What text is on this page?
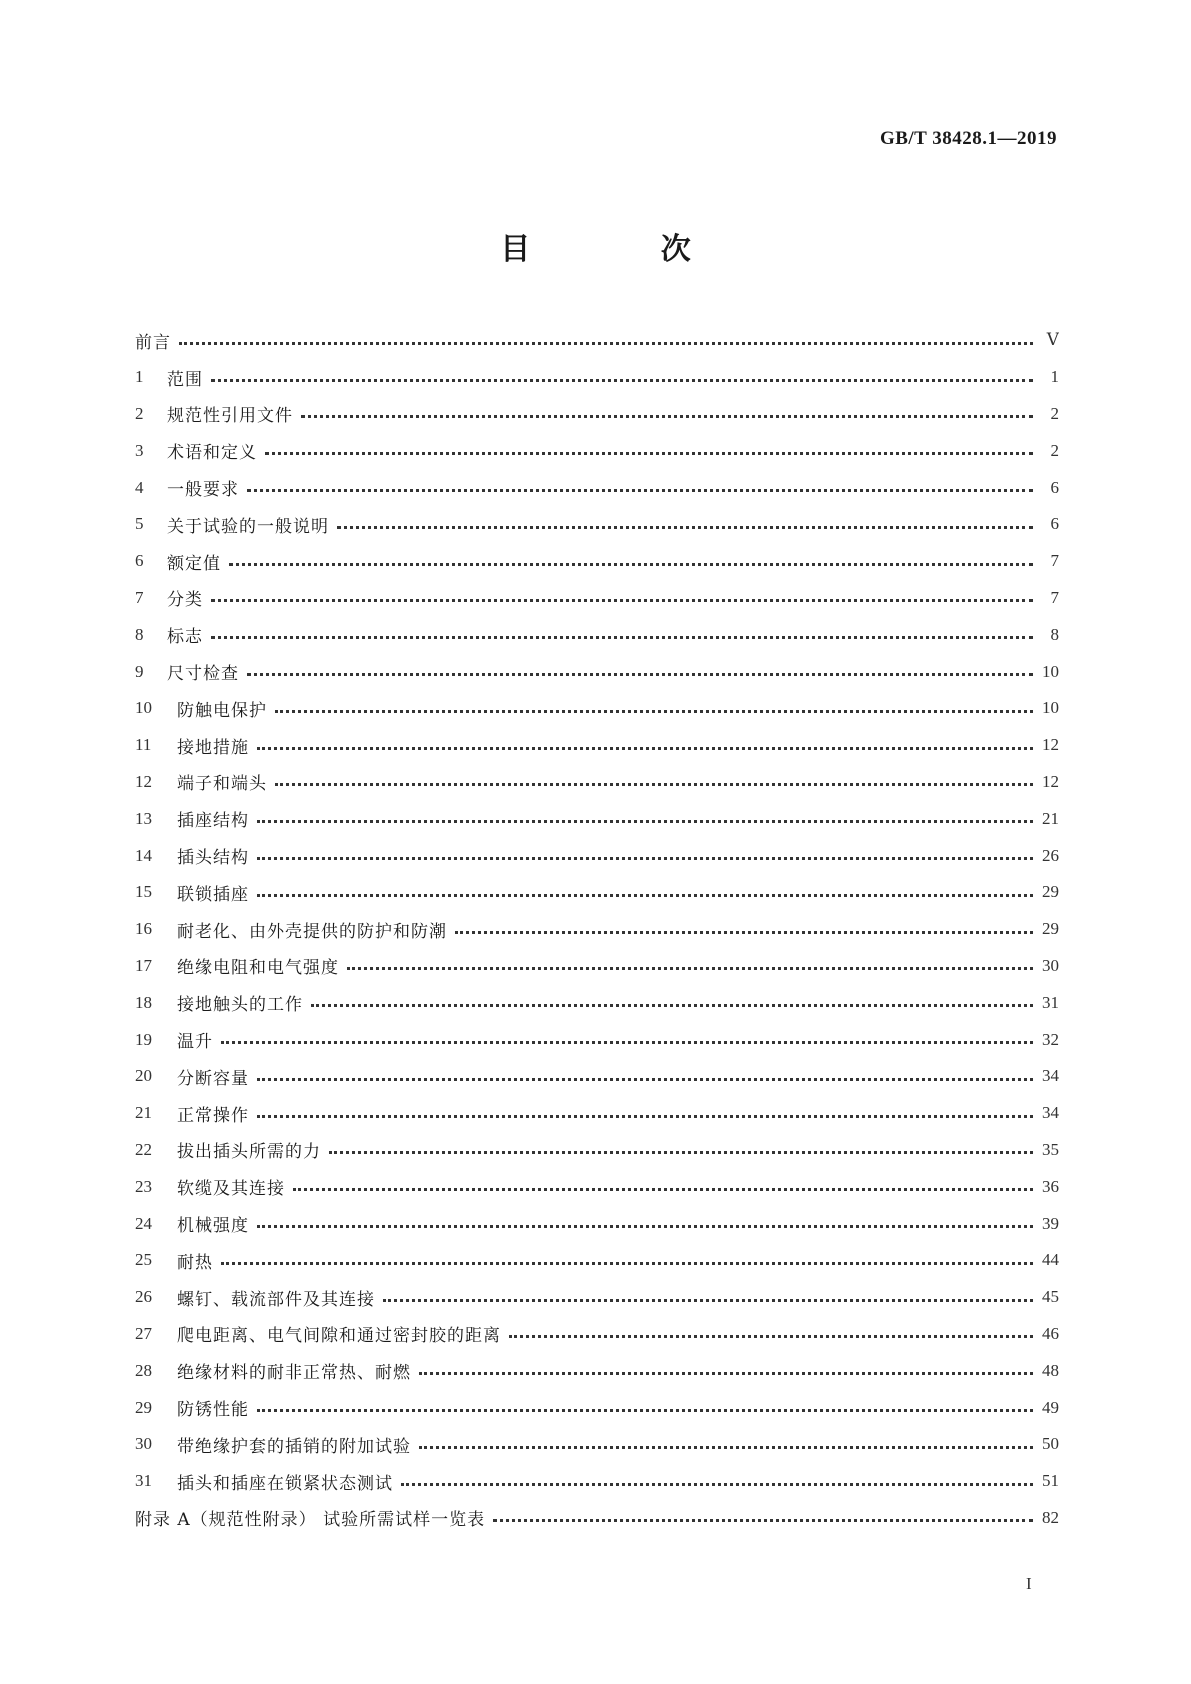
GB/T 38428.1—2019
目 次
前言	Ⅴ
1	范围	1
2	规范性引用文件	2
3	术语和定义	2
4	一般要求	6
5	关于试验的一般说明	6
6	额定值	7
7	分类	7
8	标志	8
9	尺寸检查	10
10	防触电保护	10
11	接地措施	12
12	端子和端头	12
13	插座结构	21
14	插头结构	26
15	联锁插座	29
16	耐老化、由外壳提供的防护和防潮	29
17	绝缘电阻和电气强度	30
18	接地触头的工作	31
19	温升	32
20	分断容量	34
21	正常操作	34
22	拔出插头所需的力	35
23	软缆及其连接	36
24	机械强度	39
25	耐热	44
26	螺钉、载流部件及其连接	45
27	爬电距离、电气间隙和通过密封胶的距离	46
28	绝缘材料的耐非正常热、耐燃	48
29	防锈性能	49
30	带绝缘护套的插销的附加试验	50
31	插头和插座在锁紧状态测试	51
附录 A（规范性附录） 试验所需试样一览表	82
I
